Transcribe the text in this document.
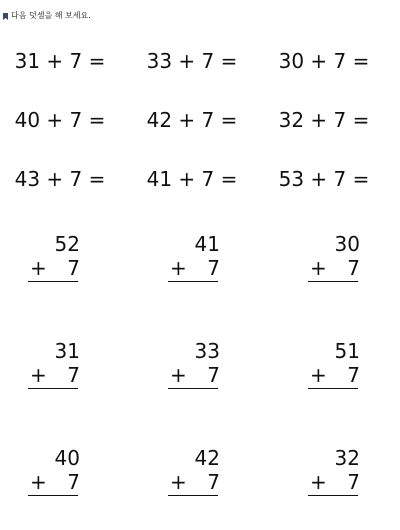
다음 덧셈을 해 보세요.
31 + 7 =	33 + 7 =	30 + 7 =
40 + 7 =	42 + 7 =	32 + 7 =
43 + 7 =	41 + 7 =	53 + 7 =
52
+ 7
41
+ 7
30
+ 7
31
+ 7
33
+ 7
51
+ 7
40
+ 7
42
+ 7
32
+ 7
